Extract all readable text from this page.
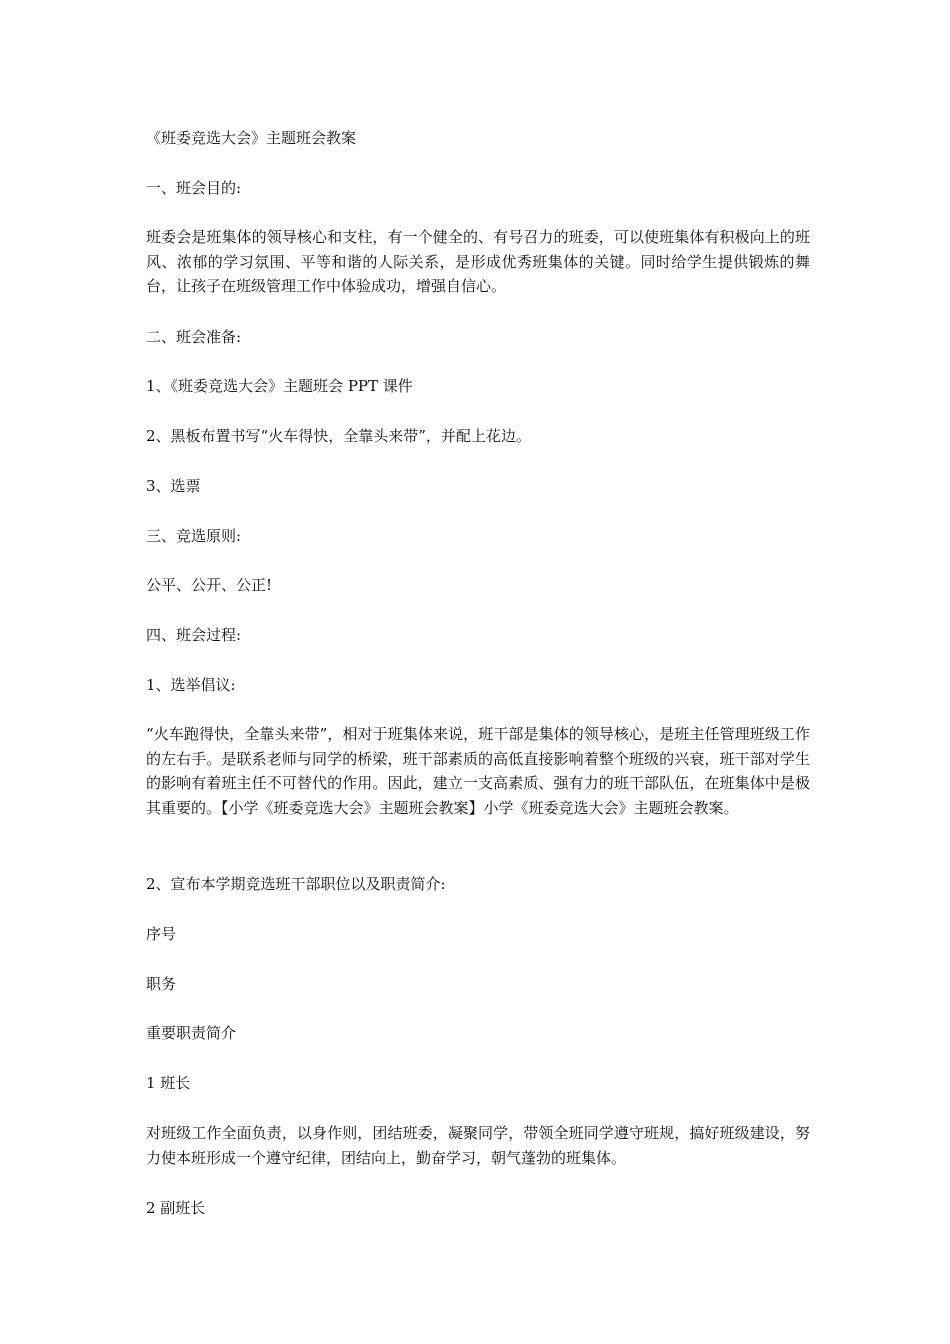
《班委竞选大会》主题班会教案

一、班会目的:

班委会是班集体的领导核心和支柱，有一个健全的、有号召力的班委，可以使班集体有积极向上的班风、浓郁的学习氛围、平等和谐的人际关系，是形成优秀班集体的关键。同时给学生提供锻炼的舞台，让孩子在班级管理工作中体验成功，增强自信心。

二、班会准备:

1、《班委竞选大会》主题班会 PPT 课件

2、黑板布置书写“火车得快，全靠头来带”，并配上花边。

3、选票

三、竞选原则:

公平、公开、公正!

四、班会过程:

1、选举倡议:

“火车跑得快，全靠头来带”，相对于班集体来说，班干部是集体的领导核心，是班主任管理班级工作的左右手。是联系老师与同学的桥梁，班干部素质的高低直接影响着整个班级的兴衰，班干部对学生的影响有着班主任不可替代的作用。因此，建立一支高素质、强有力的班干部队伍，在班集体中是极其重要的。【小学《班委竞选大会》主题班会教案】小学《班委竞选大会》主题班会教案。

2、宣布本学期竞选班干部职位以及职责简介:

序号

职务

重要职责简介

1 班长

对班级工作全面负责，以身作则，团结班委，凝聚同学，带领全班同学遵守班规，搞好班级建设，努力使本班形成一个遵守纪律，团结向上，勤奋学习，朝气蓬勃的班集体。

2 副班长
